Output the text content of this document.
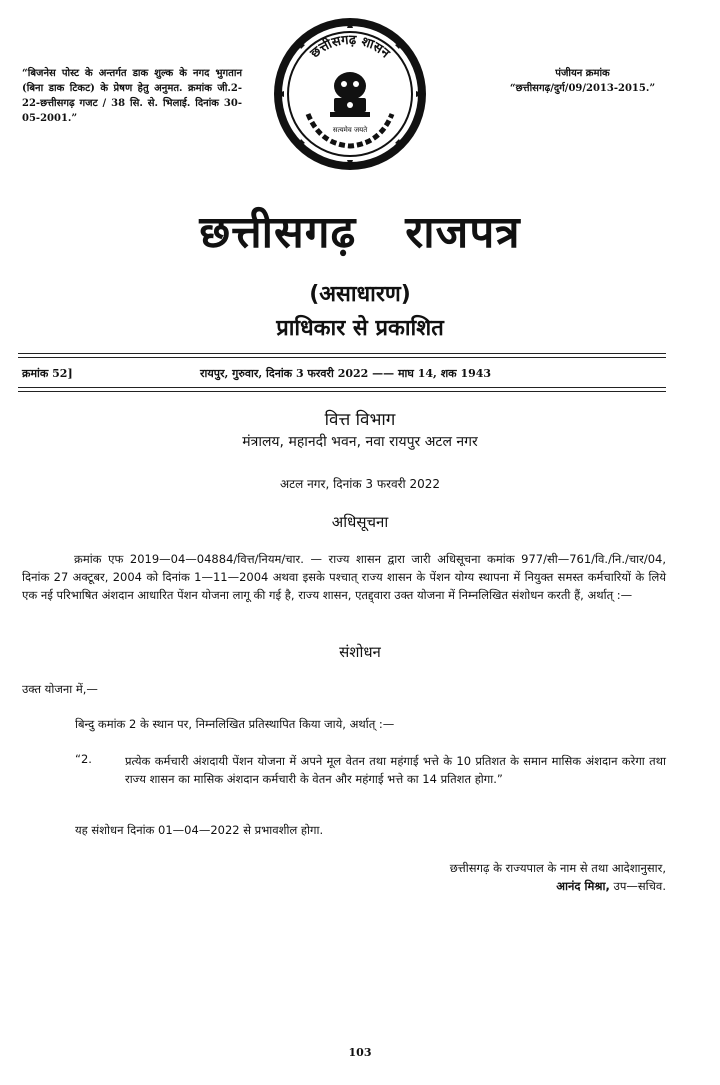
“बिजनेस पोस्ट के अन्तर्गत डाक शुल्क के नगद भुगतान (बिना डाक टिकट) के प्रेषण हेतु अनुमत. क्रमांक जी.2-22-छत्तीसगढ़ गजट / 38 सि. से. भिलाई. दिनांक 30-05-2001.”
पंजीयन क्रमांक
“छत्तीसगढ़/दुर्ग/09/2013-2015.”
छत्तीसगढ़ शासन
सत्यमेव जयते
छत्तीसगढ़   राजपत्र
(असाधारण)
प्राधिकार से प्रकाशित
क्रमांक 52]	रायपुर, गुरुवार, दिनांक 3 फरवरी 2022 —— माघ 14, शक 1943
वित्त विभाग
मंत्रालय, महानदी भवन, नवा रायपुर अटल नगर
अटल नगर, दिनांक 3 फरवरी 2022
अधिसूचना
क्रमांक एफ 2019—04—04884/वित्त/नियम/चार. — राज्य शासन द्वारा जारी अधिसूचना कमांक 977/सी—761/वि./नि./चार/04, दिनांक 27 अक्टूबर, 2004 को दिनांक 1—11—2004 अथवा इसके पश्चात् राज्य शासन के पेंशन योग्य स्थापना में नियुक्त समस्त कर्मचारियों के लिये एक नई परिभाषित अंशदान आधारित पेंशन योजना लागू की गई है, राज्य शासन, एतद्द्वारा उक्त योजना में निम्नलिखित संशोधन करती हैं, अर्थात् :—
संशोधन
उक्त योजना में,—
बिन्दु कमांक 2 के स्थान पर, निम्नलिखित प्रतिस्थापित किया जाये, अर्थात् :—
“2.	प्रत्येक कर्मचारी अंशदायी पेंशन योजना में अपने मूल वेतन तथा महंगाई भत्ते के 10 प्रतिशत के समान मासिक अंशदान करेगा तथा राज्य शासन का मासिक अंशदान कर्मचारी के वेतन और महंगाई भत्ते का 14 प्रतिशत होगा.”
यह संशोधन दिनांक 01—04—2022 से प्रभावशील होगा.
छत्तीसगढ़ के राज्यपाल के नाम से तथा आदेशानुसार,
आनंद मिश्रा, उप—सचिव.
103
